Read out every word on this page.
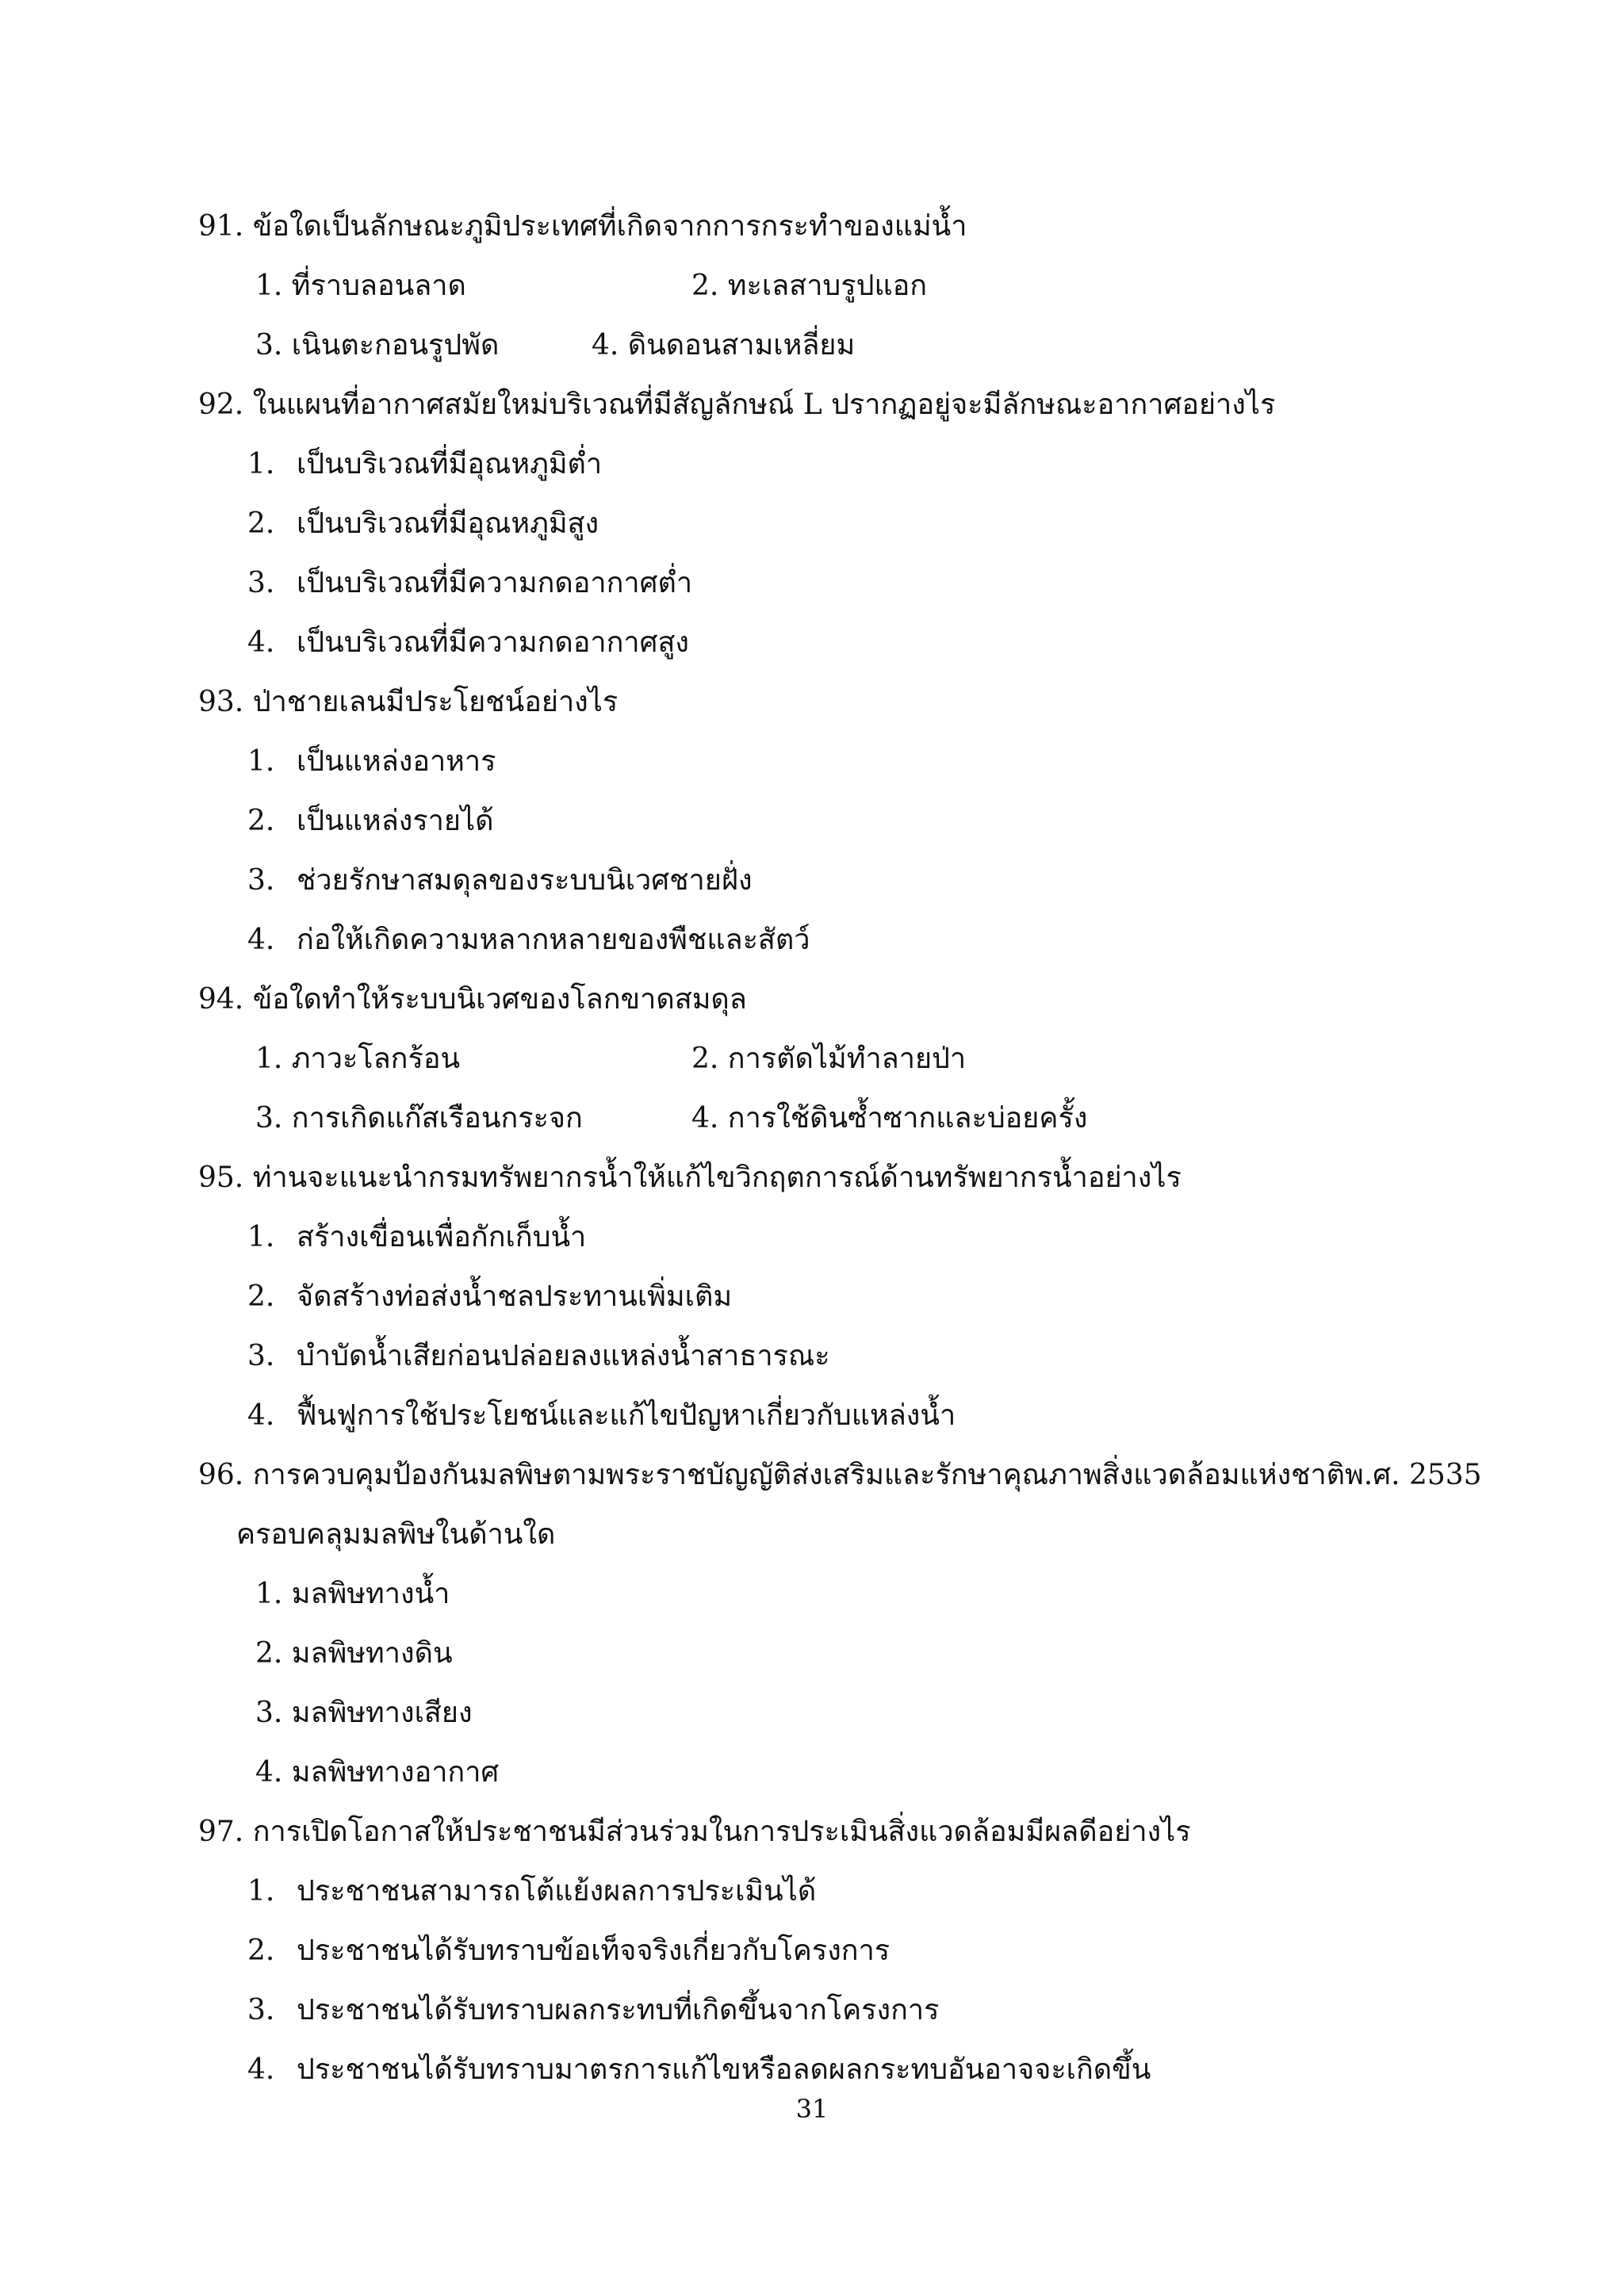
91. ข้อใดเป็นลักษณะภูมิประเทศที่เกิดจากการกระทำของแม่น้ำ
1. ที่ราบลอนลาด	2. ทะเลสาบรูปแอก
3. เนินตะกอนรูปพัด	4. ดินดอนสามเหลี่ยม
92. ในแผนที่อากาศสมัยใหม่บริเวณที่มีสัญลักษณ์ L ปรากฏอยู่จะมีลักษณะอากาศอย่างไร
1. เป็นบริเวณที่มีอุณหภูมิต่ำ
2. เป็นบริเวณที่มีอุณหภูมิสูง
3. เป็นบริเวณที่มีความกดอากาศต่ำ
4. เป็นบริเวณที่มีความกดอากาศสูง
93. ป่าชายเลนมีประโยชน์อย่างไร
1. เป็นแหล่งอาหาร
2. เป็นแหล่งรายได้
3. ช่วยรักษาสมดุลของระบบนิเวศชายฝั่ง
4. ก่อให้เกิดความหลากหลายของพืชและสัตว์
94. ข้อใดทำให้ระบบนิเวศของโลกขาดสมดุล
1. ภาวะโลกร้อน	2. การตัดไม้ทำลายป่า
3. การเกิดแก๊สเรือนกระจก	4. การใช้ดินซ้ำซากและบ่อยครั้ง
95. ท่านจะแนะนำกรมทรัพยากรน้ำให้แก้ไขวิกฤตการณ์ด้านทรัพยากรน้ำอย่างไร
1. สร้างเขื่อนเพื่อกักเก็บน้ำ
2. จัดสร้างท่อส่งน้ำชลประทานเพิ่มเติม
3. บำบัดน้ำเสียก่อนปล่อยลงแหล่งน้ำสาธารณะ
4. ฟื้นฟูการใช้ประโยชน์และแก้ไขปัญหาเกี่ยวกับแหล่งน้ำ
96. การควบคุมป้องกันมลพิษตามพระราชบัญญัติส่งเสริมและรักษาคุณภาพสิ่งแวดล้อมแห่งชาติพ.ศ. 2535
ครอบคลุมมลพิษในด้านใด
1. มลพิษทางน้ำ
2. มลพิษทางดิน
3. มลพิษทางเสียง
4. มลพิษทางอากาศ
97. การเปิดโอกาสให้ประชาชนมีส่วนร่วมในการประเมินสิ่งแวดล้อมมีผลดีอย่างไร
1. ประชาชนสามารถโต้แย้งผลการประเมินได้
2. ประชาชนได้รับทราบข้อเท็จจริงเกี่ยวกับโครงการ
3. ประชาชนได้รับทราบผลกระทบที่เกิดขึ้นจากโครงการ
4. ประชาชนได้รับทราบมาตรการแก้ไขหรือลดผลกระทบอันอาจจะเกิดขึ้น
31
